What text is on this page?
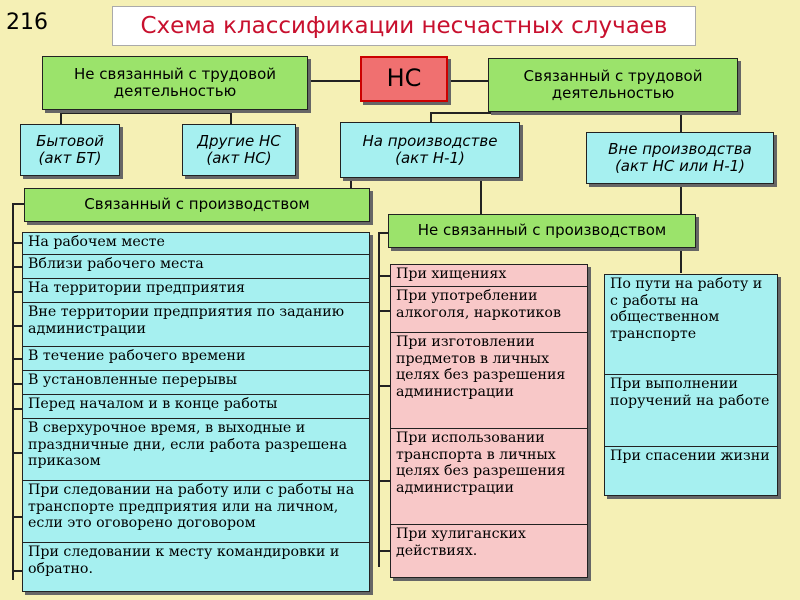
216	Схема классификации несчастных случаев
Не связанный с трудовой деятельностью	НС	Связанный с трудовой деятельностью
Бытовой
(акт БТ)
Другие НС
(акт НС)
На производстве
(акт Н-1)
Вне производства
(акт НС или Н-1)
Связанный с производством
Не связанный с производством
На рабочем месте
Вблизи рабочего места
На территории предприятия
Вне территории предприятия по заданию администрации
В течение рабочего времени
В установленные перерывы
Перед началом и в конце работы
В сверхурочное время, в выходные и праздничные дни, если работа разрешена приказом
При следовании на работу или с работы на транспорте предприятия или на личном, если это оговорено договором
При следовании к месту командировки и обратно.
При хищениях
При употреблении алкоголя, наркотиков
При изготовлении предметов в личных целях без разрешения администрации
При использовании транспорта в личных целях без разрешения администрации
При хулиганских действиях.
По пути на работу и с работы на общественном транспорте
При выполнении поручений на работе
При спасении жизни
